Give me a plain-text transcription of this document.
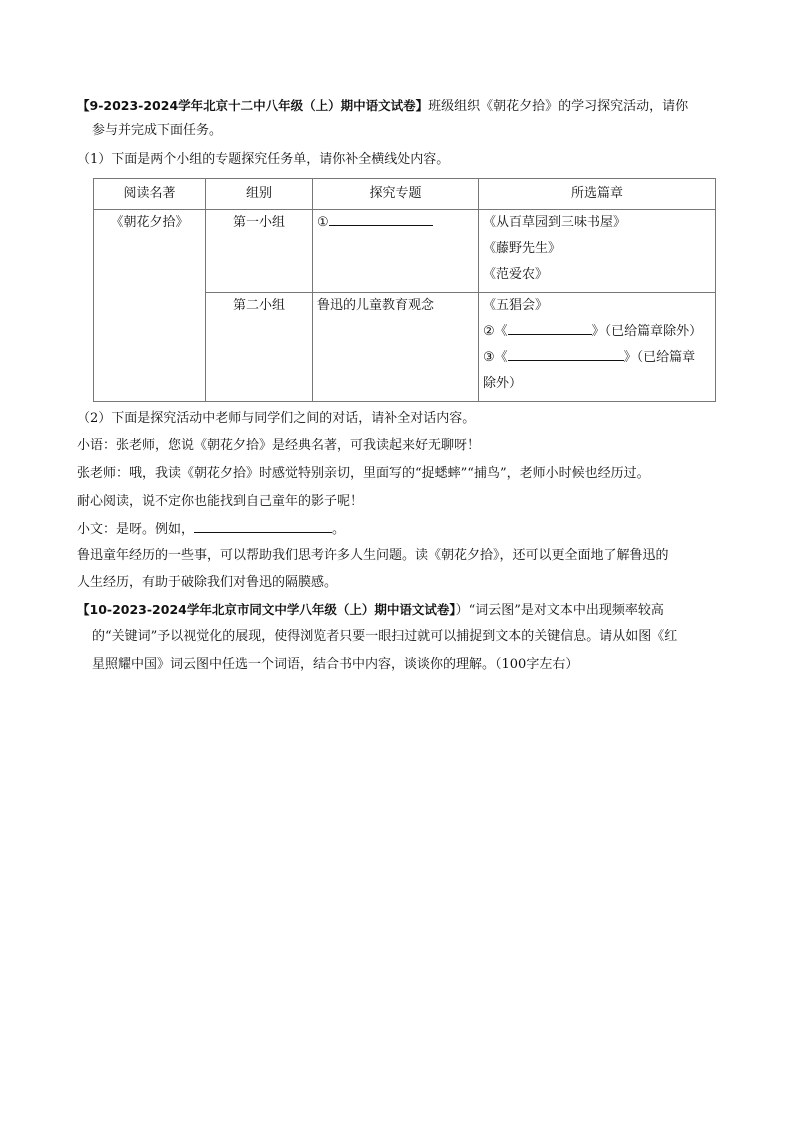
【9-2023-2024学年北京十二中八年级（上）期中语文试卷】班级组织《朝花夕拾》的学习探究活动，请你
参与并完成下面任务。
（1）下面是两个小组的专题探究任务单，请你补全横线处内容。
阅读名著	组别	探究专题	所选篇章
《朝花夕拾》	第一小组	①	《从百草园到三味书屋》
《藤野先生》
《范爱农》

	第二小组	鲁迅的儿童教育观念	《五猖会》
②《 》（已给篇章除外）
③《 》（已给篇章
除外）
（2）下面是探究活动中老师与同学们之间的对话，请补全对话内容。
小语：张老师，您说《朝花夕拾》是经典名著，可我读起来好无聊呀！
张老师：哦，我读《朝花夕拾》时感觉特别亲切，里面写的“捉蟋蟀”“捕鸟”，老师小时候也经历过。
耐心阅读，说不定你也能找到自己童年的影子呢！
小文：是呀。例如，	。
鲁迅童年经历的一些事，可以帮助我们思考许多人生问题。读《朝花夕拾》，还可以更全面地了解鲁迅的
人生经历，有助于破除我们对鲁迅的隔膜感。
【10-2023-2024学年北京市同文中学八年级（上）期中语文试卷】）“词云图”是对文本中出现频率较高
的“关键词”予以视觉化的展现，使得浏览者只要一眼扫过就可以捕捉到文本的关键信息。请从如图《红
星照耀中国》词云图中任选一个词语，结合书中内容，谈谈你的理解。（100字左右）
